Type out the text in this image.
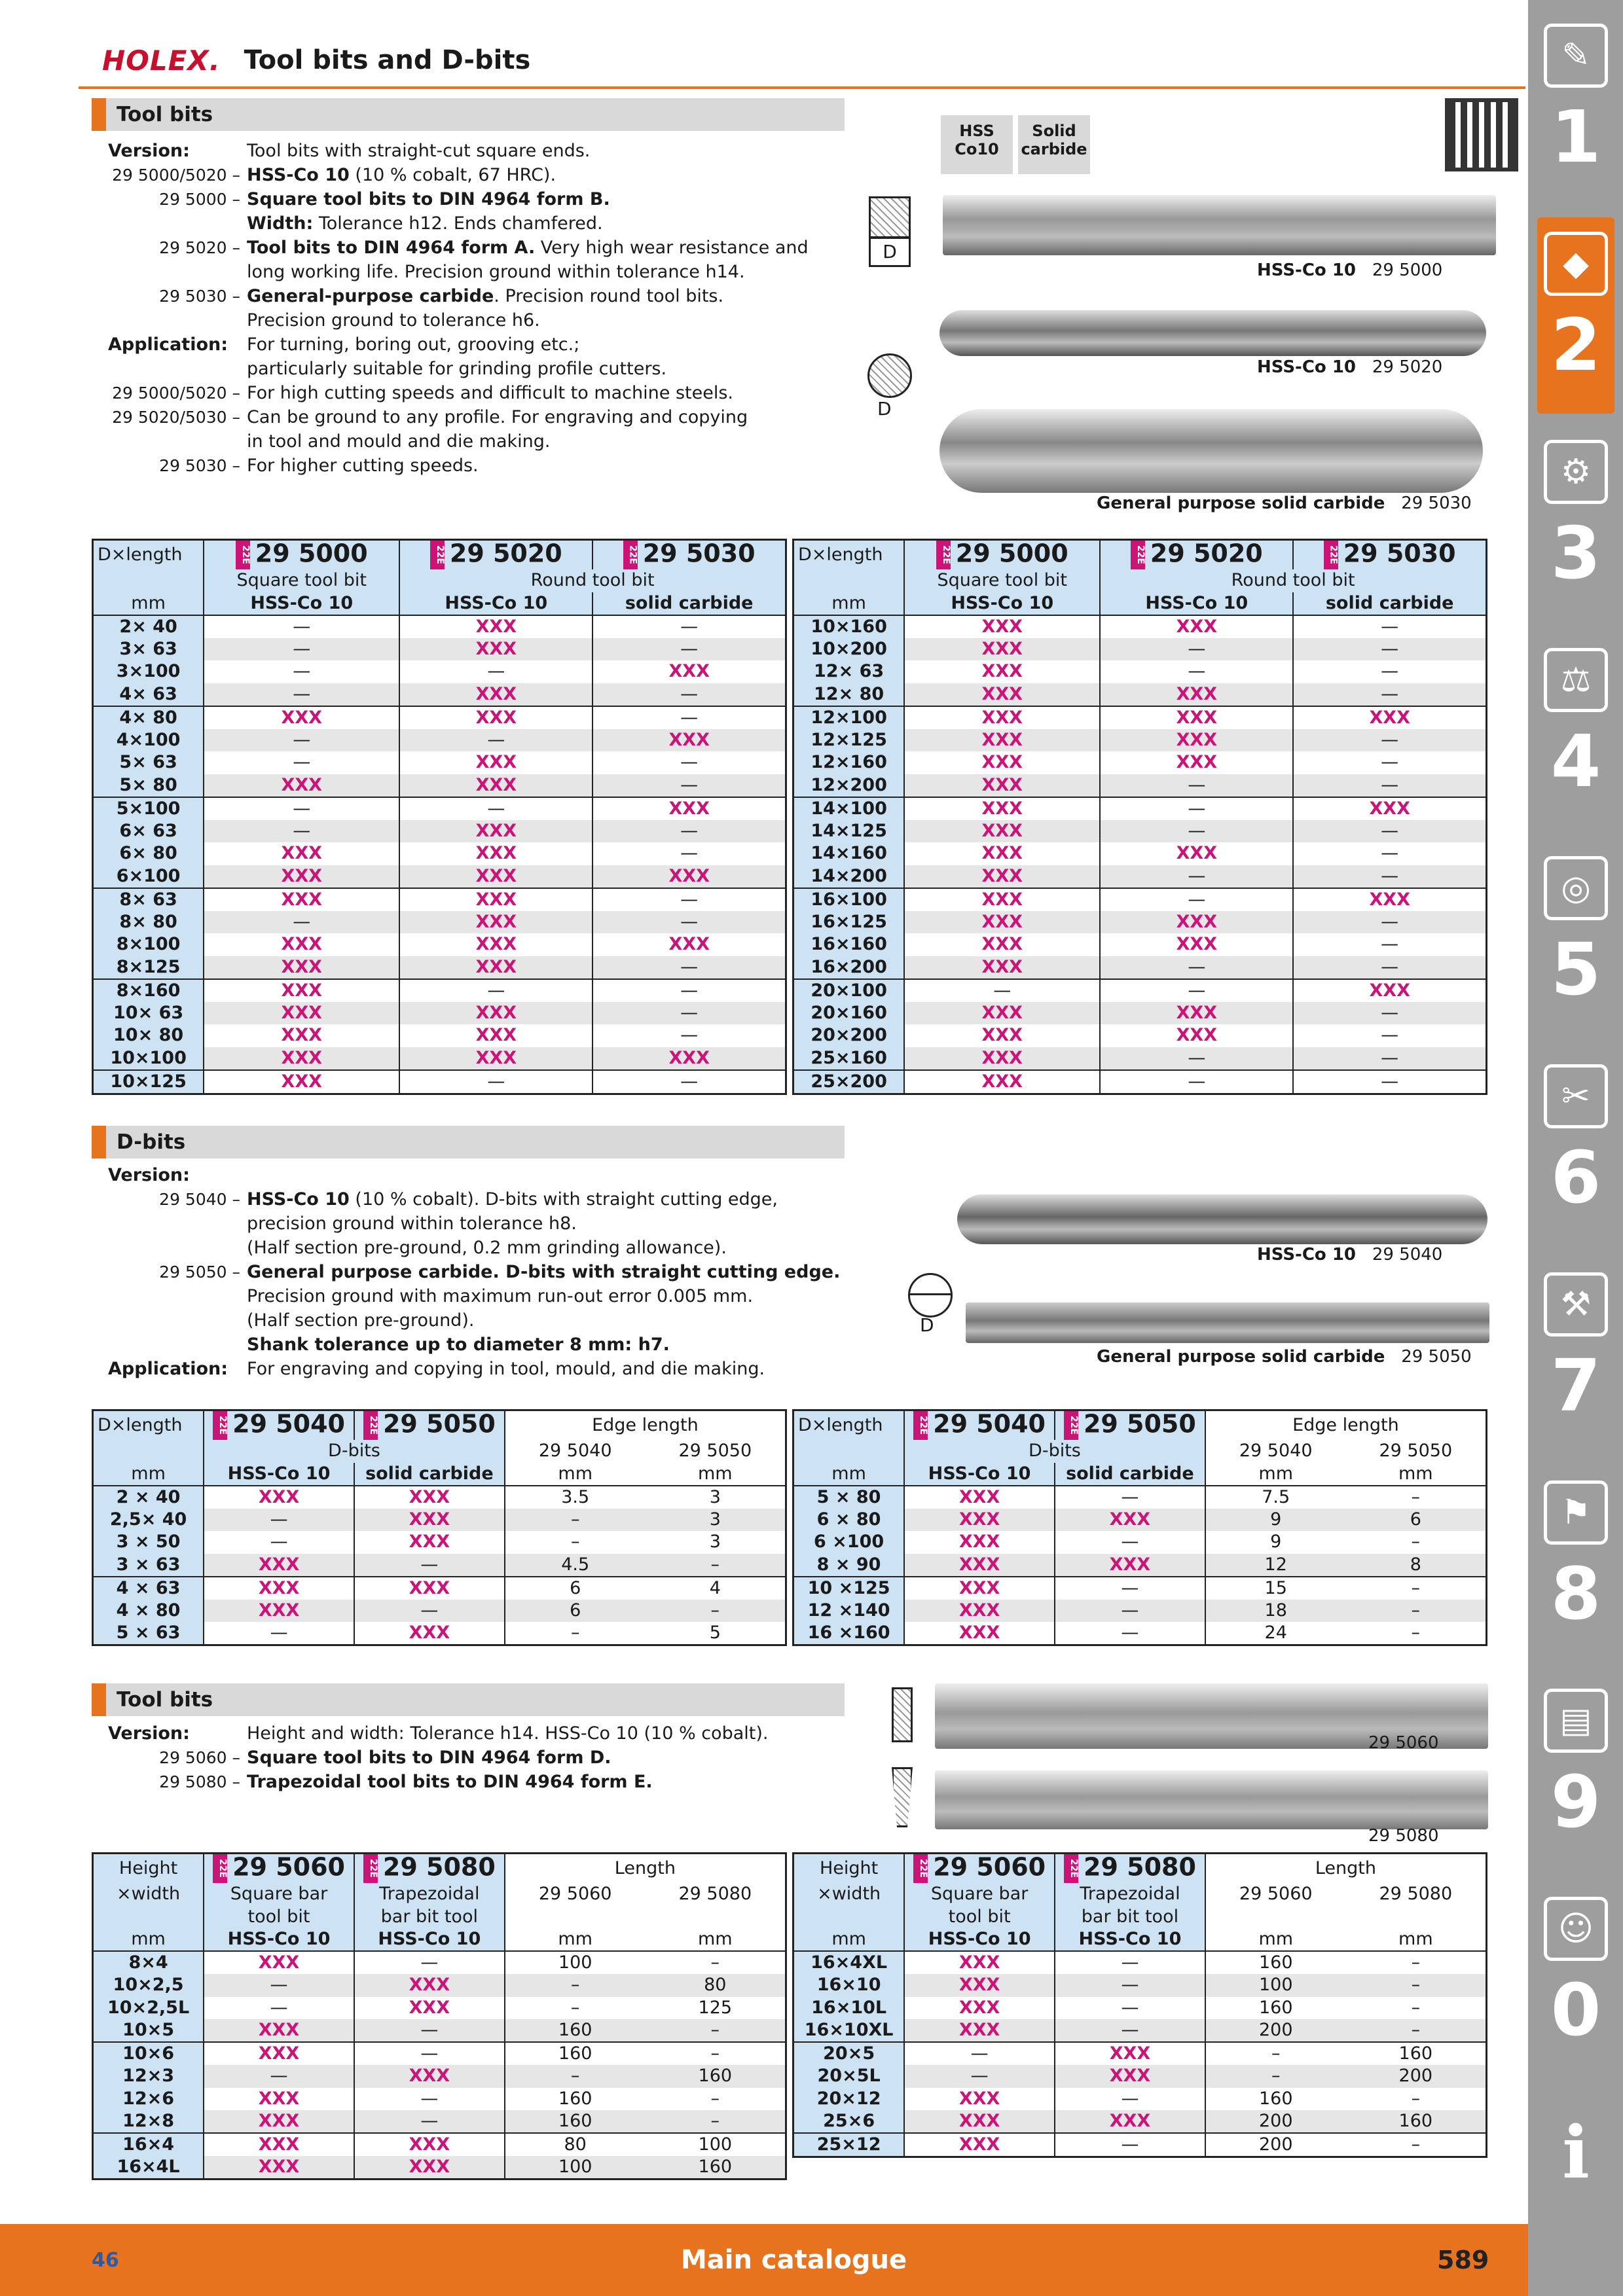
HOLEX. Tool bits and D-bits
Tool bits
Version:	Tool bits with straight-cut square ends.
29 5000/5020 – HSS-Co 10 (10 % cobalt, 67 HRC).
29 5000 – Square tool bits to DIN 4964 form B.
Width: Tolerance h12. Ends chamfered.
29 5020 – Tool bits to DIN 4964 form A. Very high wear resistance and
long working life. Precision ground within tolerance h14.
29 5030 – General-purpose carbide. Precision round tool bits.
Precision ground to tolerance h6.
Application:	For turning, boring out, grooving etc.;
particularly suitable for grinding profile cutters.
29 5000/5020 – For high cutting speeds and difficult to machine steels.
29 5020/5030 – Can be ground to any profile. For engraving and copying
in tool and mould and die making.
29 5030 – For higher cutting speeds.
HSS Co10
Solid carbide
D
HSS-Co 10 29 5000
D
HSS-Co 10 29 5020
General purpose solid carbide 29 5030
D×length	22E 29 5000	22E 29 5020	22E 29 5030
	Square tool bit	Round tool bit	
mm	HSS-Co 10	HSS-Co 10	solid carbide
2× 40	—	XXX	—
3× 63	—	XXX	—
3×100	—	—	XXX
4× 63	—	XXX	—
4× 80	XXX	XXX	—
4×100	—	—	XXX
5× 63	—	XXX	—
5× 80	XXX	XXX	—
5×100	—	—	XXX
6× 63	—	XXX	—
6× 80	XXX	XXX	—
6×100	XXX	XXX	XXX
8× 63	XXX	XXX	—
8× 80	—	XXX	—
8×100	XXX	XXX	XXX
8×125	XXX	XXX	—
8×160	XXX	—	—
10× 63	XXX	XXX	—
10× 80	XXX	XXX	—
10×100	XXX	XXX	XXX
10×125	XXX	—	—
D×length	22E 29 5000	22E 29 5020	22E 29 5030
	Square tool bit	Round tool bit	
mm	HSS-Co 10	HSS-Co 10	solid carbide
10×160	XXX	XXX	—
10×200	XXX	—	—
12× 63	XXX	—	—
12× 80	XXX	XXX	—
12×100	XXX	XXX	XXX
12×125	XXX	XXX	—
12×160	XXX	XXX	—
12×200	XXX	—	—
14×100	XXX	—	XXX
14×125	XXX	—	—
14×160	XXX	XXX	—
14×200	XXX	—	—
16×100	XXX	—	XXX
16×125	XXX	XXX	—
16×160	XXX	XXX	—
16×200	XXX	—	—
20×100	—	—	XXX
20×160	XXX	XXX	—
20×200	XXX	XXX	—
25×160	XXX	—	—
25×200	XXX	—	—
D-bits
Version:
29 5040 – HSS-Co 10 (10 % cobalt). D-bits with straight cutting edge,
precision ground within tolerance h8.
(Half section pre-ground, 0.2 mm grinding allowance).
29 5050 – General purpose carbide. D-bits with straight cutting edge.
Precision ground with maximum run-out error 0.005 mm.
(Half section pre-ground).
Shank tolerance up to diameter 8 mm: h7.
Application:	For engraving and copying in tool, mould, and die making.
HSS-Co 10 29 5040
D
General purpose solid carbide 29 5050
D×length	22E 29 5040	22E 29 5050	Edge length	
	D-bits		29 5040	29 5050
mm	HSS-Co 10	solid carbide	mm	mm
2 × 40	XXX	XXX	3.5	3
2,5× 40	—	XXX	–	3
3 × 50	—	XXX	–	3
3 × 63	XXX	—	4.5	–
4 × 63	XXX	XXX	6	4
4 × 80	XXX	—	6	–
5 × 63	—	XXX	–	5
D×length	22E 29 5040	22E 29 5050	Edge length	
	D-bits		29 5040	29 5050
mm	HSS-Co 10	solid carbide	mm	mm
5 × 80	XXX	—	7.5	–
6 × 80	XXX	XXX	9	6
6 ×100	XXX	—	9	–
8 × 90	XXX	XXX	12	8
10 ×125	XXX	—	15	–
12 ×140	XXX	—	18	–
16 ×160	XXX	—	24	–
Tool bits
Version:	Height and width: Tolerance h14. HSS-Co 10 (10 % cobalt).
29 5060 – Square tool bits to DIN 4964 form D.
29 5080 – Trapezoidal tool bits to DIN 4964 form E.
29 5060
29 5080
Height	22E 29 5060	22E 29 5080	Length	
×width	Square bar	Trapezoidal	29 5060	29 5080
	tool bit	bar bit tool		
mm	HSS-Co 10	HSS-Co 10	mm	mm
8×4	XXX	—	100	–
10×2,5	—	XXX	–	80
10×2,5L	—	XXX	–	125
10×5	XXX	—	160	–
10×6	XXX	—	160	–
12×3	—	XXX	–	160
12×6	XXX	—	160	–
12×8	XXX	—	160	–
16×4	XXX	XXX	80	100
16×4L	XXX	XXX	100	160
Height	22E 29 5060	22E 29 5080	Length	
×width	Square bar	Trapezoidal	29 5060	29 5080
	tool bit	bar bit tool		
mm	HSS-Co 10	HSS-Co 10	mm	mm
16×4XL	XXX	—	160	–
16×10	XXX	—	100	–
16×10L	XXX	—	160	–
16×10XL	XXX	—	200	–
20×5	—	XXX	–	160
20×5L	—	XXX	–	200
20×12	XXX	—	160	–
25×6	XXX	XXX	200	160
25×12	XXX	—	200	–
✎
1
◆
2
⚙
3
⚖
4
◎
5
✂
6
⚒
7
⚑
8
▤
9
☺
0
i
46	Main catalogue	589
